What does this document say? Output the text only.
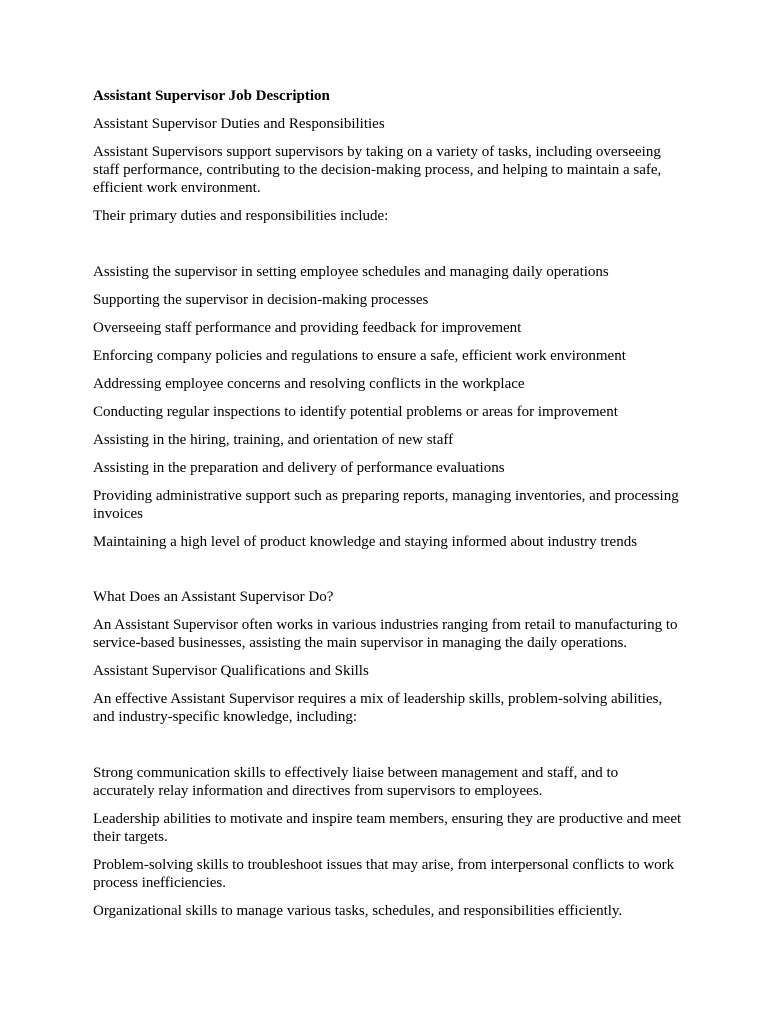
Assistant Supervisor Job Description

Assistant Supervisor Duties and Responsibilities

Assistant Supervisors support supervisors by taking on a variety of tasks, including overseeing staff performance, contributing to the decision-making process, and helping to maintain a safe, efficient work environment.

Their primary duties and responsibilities include:

Assisting the supervisor in setting employee schedules and managing daily operations

Supporting the supervisor in decision-making processes

Overseeing staff performance and providing feedback for improvement

Enforcing company policies and regulations to ensure a safe, efficient work environment

Addressing employee concerns and resolving conflicts in the workplace

Conducting regular inspections to identify potential problems or areas for improvement

Assisting in the hiring, training, and orientation of new staff

Assisting in the preparation and delivery of performance evaluations

Providing administrative support such as preparing reports, managing inventories, and processing invoices

Maintaining a high level of product knowledge and staying informed about industry trends

What Does an Assistant Supervisor Do?

An Assistant Supervisor often works in various industries ranging from retail to manufacturing to service-based businesses, assisting the main supervisor in managing the daily operations.

Assistant Supervisor Qualifications and Skills

An effective Assistant Supervisor requires a mix of leadership skills, problem-solving abilities, and industry-specific knowledge, including:

Strong communication skills to effectively liaise between management and staff, and to accurately relay information and directives from supervisors to employees.

Leadership abilities to motivate and inspire team members, ensuring they are productive and meet their targets.

Problem-solving skills to troubleshoot issues that may arise, from interpersonal conflicts to work process inefficiencies.

Organizational skills to manage various tasks, schedules, and responsibilities efficiently.
